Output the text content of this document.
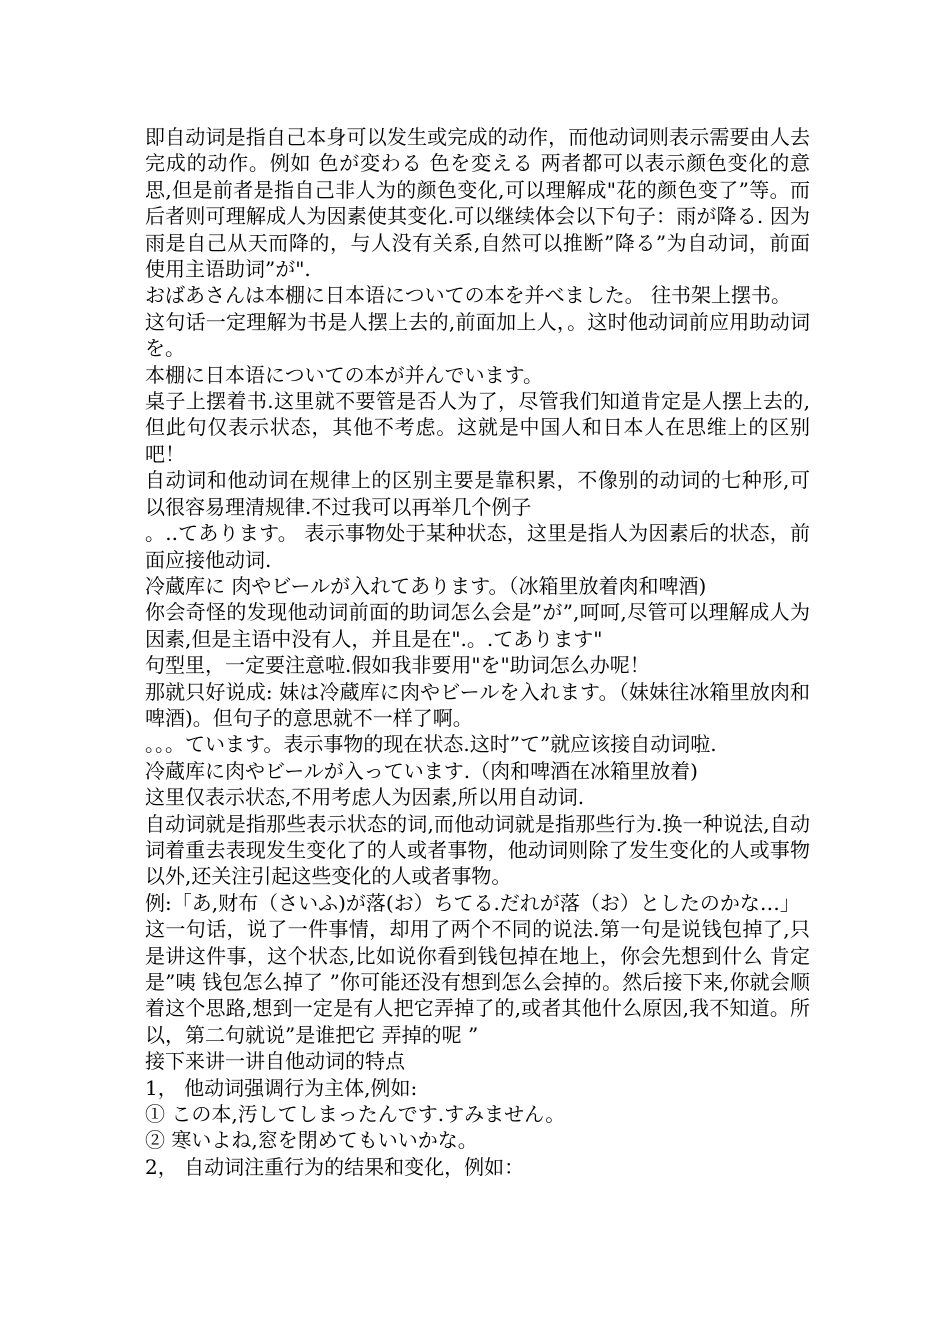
即自动词是指自己本身可以发生或完成的动作，而他动词则表示需要由人去完成的动作。例如 色が変わる 色を変える 两者都可以表示颜色变化的意思,但是前者是指自己非人为的颜色变化,可以理解成"花的颜色变了”等。而后者则可理解成人为因素使其变化.可以继续体会以下句子：雨が降る. 因为雨是自己从天而降的，与人没有关系,自然可以推断”降る”为自动词，前面使用主语助词”が".

おばあさんは本棚に日本语についての本を并べました。 往书架上摆书。

这句话一定理解为书是人摆上去的,前面加上人，。这时他动词前应用助动词を。

本棚に日本语についての本が并んでいます。

桌子上摆着书.这里就不要管是否人为了，尽管我们知道肯定是人摆上去的,但此句仅表示状态，其他不考虑。这就是中国人和日本人在思维上的区别吧！

自动词和他动词在规律上的区别主要是靠积累，不像别的动词的七种形,可以很容易理清规律.不过我可以再举几个例子

。..てあります。 表示事物处于某种状态，这里是指人为因素后的状态，前面应接他动词.

冷蔵库に 肉やビールが入れてあります。（冰箱里放着肉和啤酒)

你会奇怪的发现他动词前面的助词怎么会是”が”,呵呵,尽管可以理解成人为因素,但是主语中没有人，并且是在".。.てあります"

句型里，一定要注意啦.假如我非要用"を"助词怎么办呢！

那就只好说成: 妹は冷蔵库に肉やビールを入れます。（妹妹往冰箱里放肉和啤酒)。但句子的意思就不一样了啊。

。。。ています。表示事物的现在状态.这时”て”就应该接自动词啦.

冷蔵库に肉やビールが入っています.（肉和啤酒在冰箱里放着)

这里仅表示状态,不用考虑人为因素,所以用自动词.

自动词就是指那些表示状态的词,而他动词就是指那些行为.换一种说法,自动词着重去表现发生变化了的人或者事物，他动词则除了发生变化的人或事物以外,还关注引起这些变化的人或者事物。

例:「あ,财布（さいふ)が落(お）ちてる.だれが落（お）としたのかな…」

这一句话，说了一件事情，却用了两个不同的说法.第一句是说钱包掉了,只是讲这件事，这个状态,比如说你看到钱包掉在地上，你会先想到什么 肯定是”咦 钱包怎么掉了 ”你可能还没有想到怎么会掉的。然后接下来,你就会顺着这个思路,想到一定是有人把它弄掉了的,或者其他什么原因,我不知道。所以，第二句就说”是谁把它 弄掉的呢 ”

接下来讲一讲自他动词的特点

1， 他动词强调行为主体,例如:

① この本,汚してしまったんです.すみません。

② 寒いよね,窓を閉めてもいいかな。

2， 自动词注重行为的结果和变化，例如：
